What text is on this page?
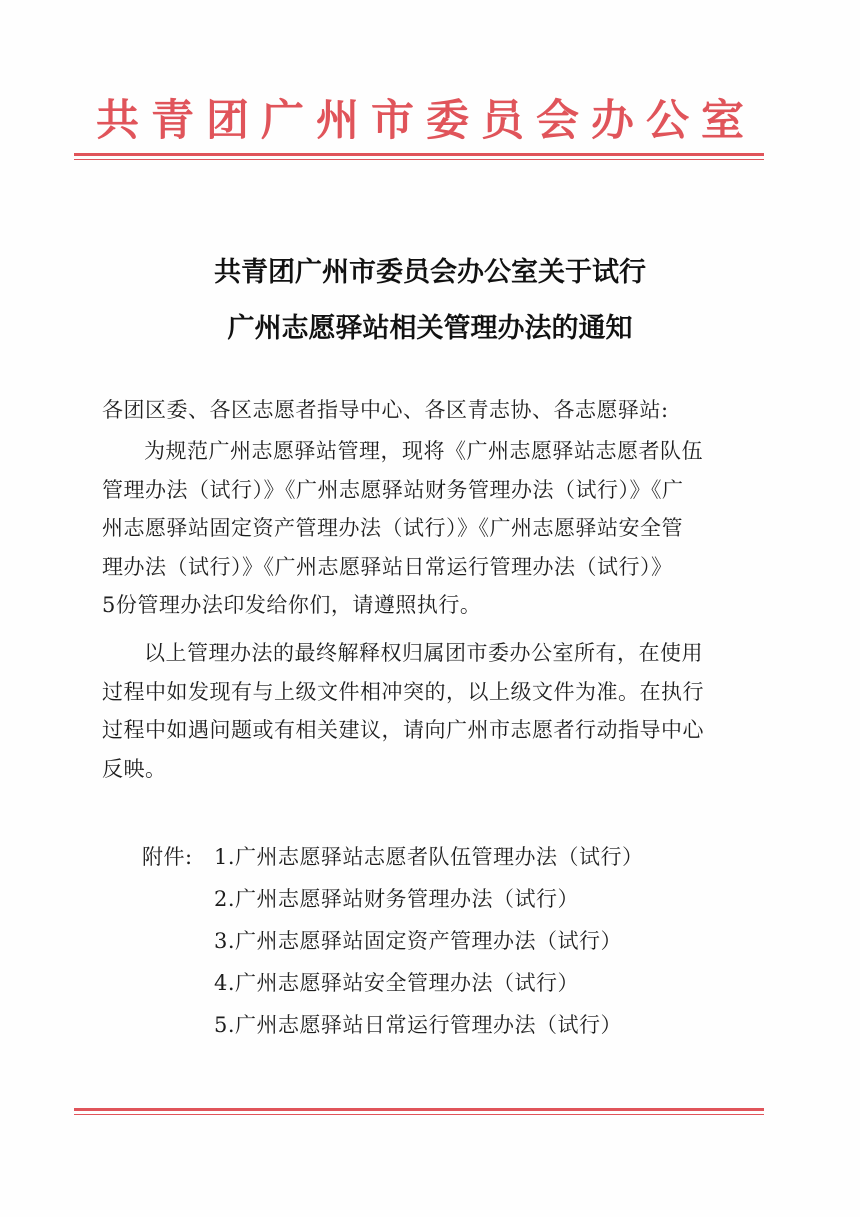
共青团广州市委员会办公室
共青团广州市委员会办公室关于试行
广州志愿驿站相关管理办法的通知
各团区委、各区志愿者指导中心、各区青志协、各志愿驿站:
为规范广州志愿驿站管理，现将《广州志愿驿站志愿者队伍
管理办法（试行）》《广州志愿驿站财务管理办法（试行）》《广
州志愿驿站固定资产管理办法（试行）》《广州志愿驿站安全管
理办法（试行）》《广州志愿驿站日常运行管理办法（试行）》
5份管理办法印发给你们，请遵照执行。
以上管理办法的最终解释权归属团市委办公室所有，在使用
过程中如发现有与上级文件相冲突的，以上级文件为准。在执行
过程中如遇问题或有相关建议，请向广州市志愿者行动指导中心
反映。
附件: 1.广州志愿驿站志愿者队伍管理办法（试行）
2.广州志愿驿站财务管理办法（试行）
3.广州志愿驿站固定资产管理办法（试行）
4.广州志愿驿站安全管理办法（试行）
5.广州志愿驿站日常运行管理办法（试行）
